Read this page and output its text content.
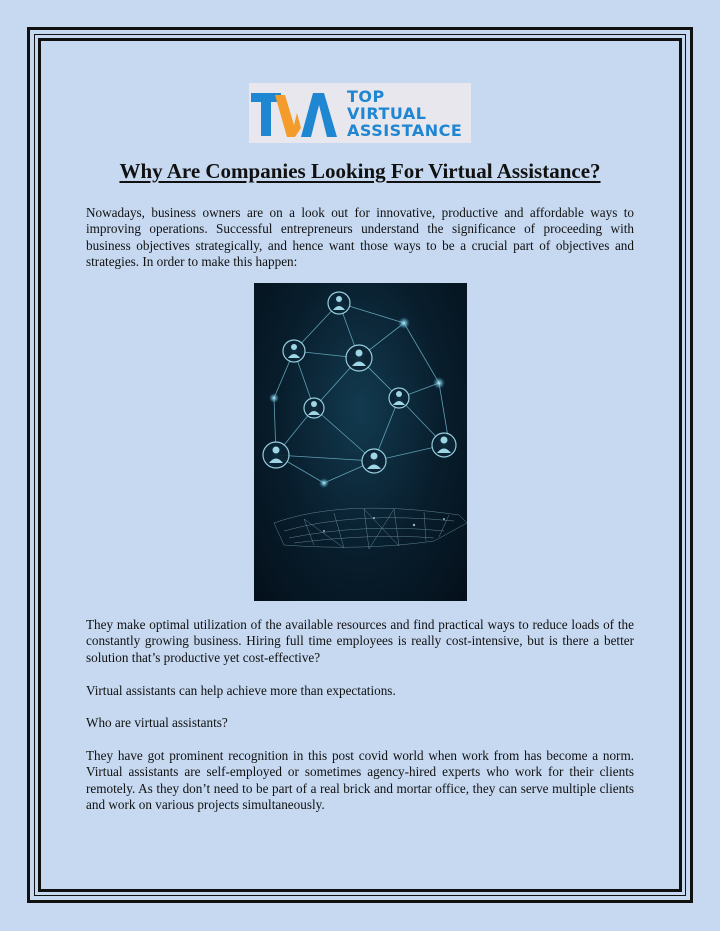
TOP
VIRTUAL
ASSISTANCE
Why Are Companies Looking For Virtual Assistance?

Nowadays, business owners are on a look out for innovative, productive and affordable ways to improving operations. Successful entrepreneurs understand the significance of proceeding with business objectives strategically, and hence want those ways to be a crucial part of objectives and strategies. In order to make this happen:

They make optimal utilization of the available resources and find practical ways to reduce loads of the constantly growing business. Hiring full time employees is really cost-intensive, but is there a better solution that’s productive yet cost-effective?

Virtual assistants can help achieve more than expectations.

Who are virtual assistants?

They have got prominent recognition in this post covid world when work from has become a norm. Virtual assistants are self-employed or sometimes agency-hired experts who work for their clients remotely. As they don’t need to be part of a real brick and mortar office, they can serve multiple clients and work on various projects simultaneously.
